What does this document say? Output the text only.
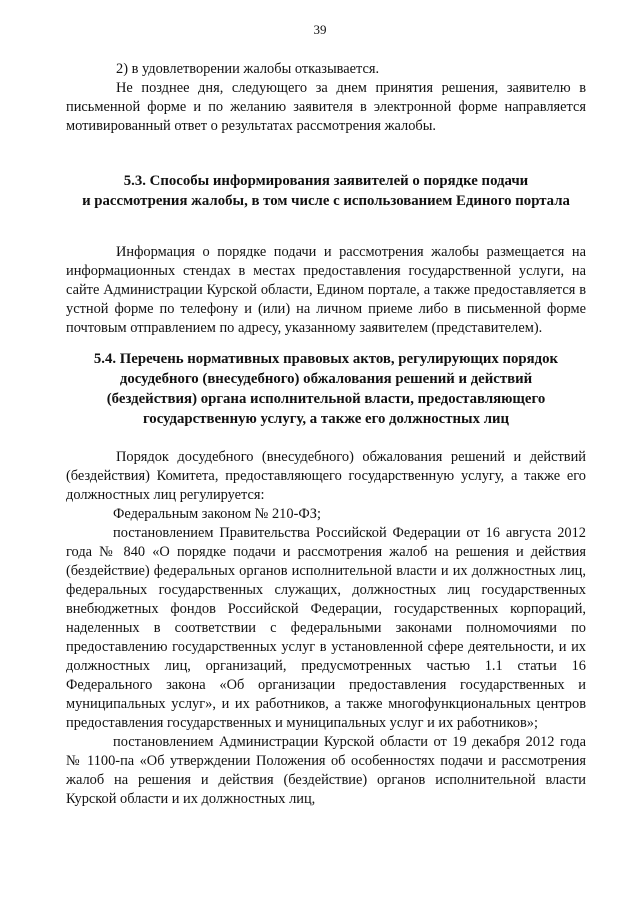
39

2) в удовлетворении жалобы отказывается.

Не позднее дня, следующего за днем принятия решения, заявителю в письменной форме и по желанию заявителя в электронной форме направляется мотивированный ответ о результатах рассмотрения жалобы.

5.3. Способы информирования заявителей о порядке подачи
и рассмотрения жалобы, в том числе с использованием Единого портала

Информация о порядке подачи и рассмотрения жалобы размещается на информационных стендах в местах предоставления государственной услуги, на сайте Администрации Курской области, Едином портале, а также предоставляется в устной форме по телефону и (или) на личном приеме либо в письменной форме почтовым отправлением по адресу, указанному заявителем (представителем).

5.4. Перечень нормативных правовых актов, регулирующих порядок
досудебного (внесудебного) обжалования решений и действий
(бездействия) органа исполнительной власти, предоставляющего
государственную услугу, а также его должностных лиц

Порядок досудебного (внесудебного) обжалования решений и действий (бездействия) Комитета, предоставляющего государственную услугу, а также его должностных лиц регулируется:

Федеральным законом № 210-ФЗ;

постановлением Правительства Российской Федерации от 16 августа 2012 года № 840 «О порядке подачи и рассмотрения жалоб на решения и действия (бездействие) федеральных органов исполнительной власти и их должностных лиц, федеральных государственных служащих, должностных лиц государственных внебюджетных фондов Российской Федерации, государственных корпораций, наделенных в соответствии с федеральными законами полномочиями по предоставлению государственных услуг в установленной сфере деятельности, и их должностных лиц, организаций, предусмотренных частью 1.1 статьи 16 Федерального закона «Об организации предоставления государственных и муниципальных услуг», и их работников, а также многофункциональных центров предоставления государственных и муниципальных услуг и их работников»;

постановлением Администрации Курской области от 19 декабря 2012 года № 1100-па «Об утверждении Положения об особенностях подачи и рассмотрения жалоб на решения и действия (бездействие) органов исполнительной власти Курской области и их должностных лиц,
